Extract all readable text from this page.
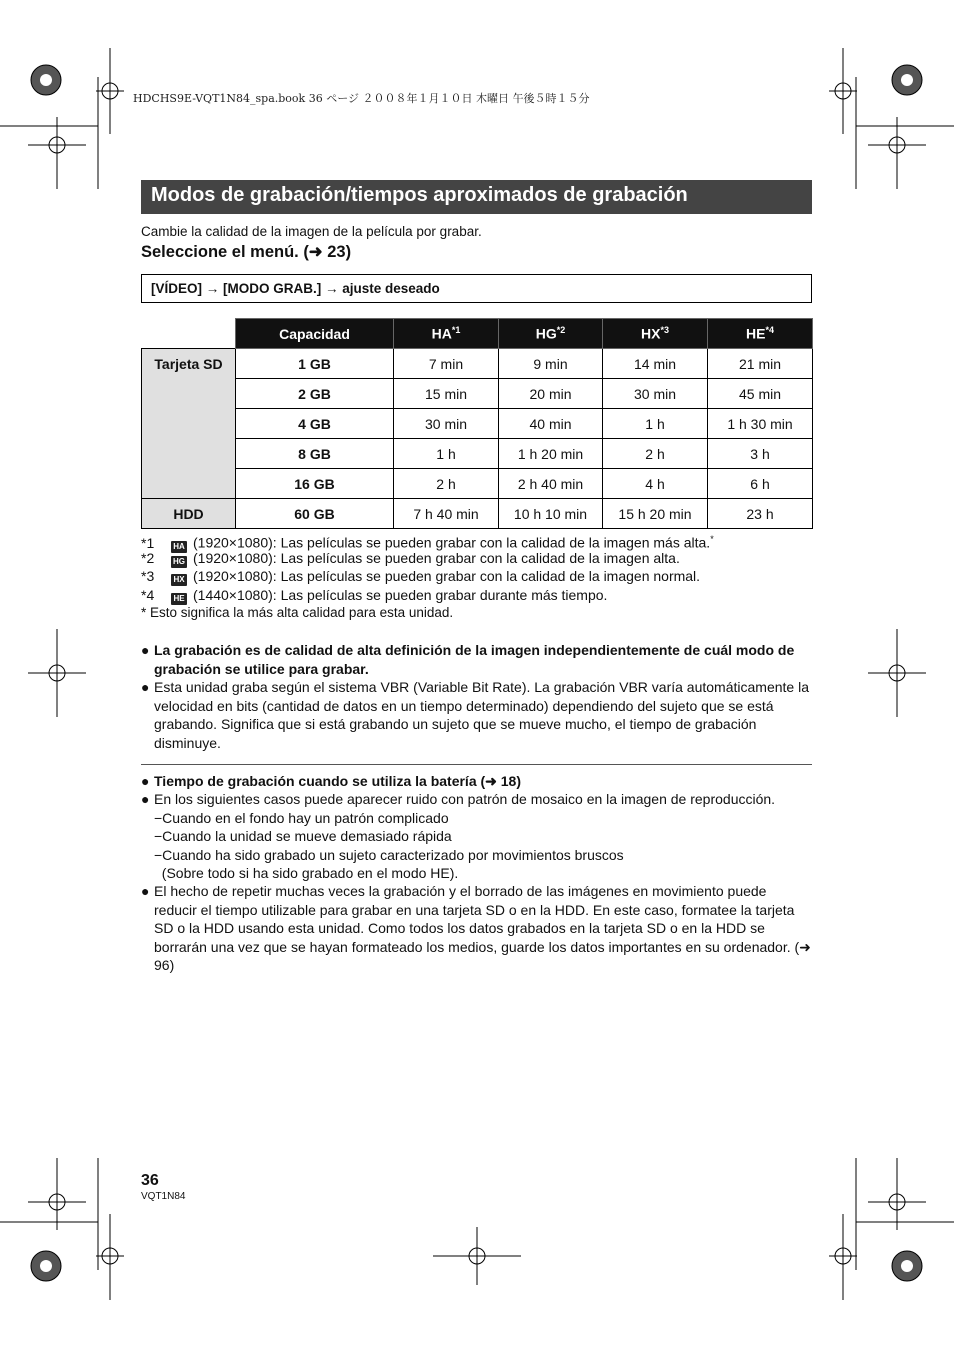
HDCHS9E-VQT1N84_spa.book 36 ページ ２００８年１月１０日 木曜日 午後５時１５分
Modos de grabación/tiempos aproximados de grabación
Cambie la calidad de la imagen de la película por grabar.
Seleccione el menú. (➜ 23)
[VÍDEO] → [MODO GRAB.] → ajuste deseado
	Capacidad	HA$^{*1}$	HG$^{*2}$	HX$^{*3}$	HE$^{*4}$
Tarjeta SD	1 GB	7 min	9 min	14 min	21 min
	2 GB	15 min	20 min	30 min	45 min
	4 GB	30 min	40 min	1 h	1 h 30 min
	8 GB	1 h	1 h 20 min	2 h	3 h
	16 GB	2 h	2 h 40 min	4 h	6 h
HDD	60 GB	7 h 40 min	10 h 10 min	15 h 20 min	23 h
*1 HA (1920×1080): Las películas se pueden grabar con la calidad de la imagen más alta.*
*2 HG (1920×1080): Las películas se pueden grabar con la calidad de la imagen alta.
*3 HX (1920×1080): Las películas se pueden grabar con la calidad de la imagen normal.
*4 HE (1440×1080): Las películas se pueden grabar durante más tiempo.
* Esto significa la más alta calidad para esta unidad.
● La grabación es de calidad de alta definición de la imagen independientemente de cuál modo de grabación se utilice para grabar.
● Esta unidad graba según el sistema VBR (Variable Bit Rate). La grabación VBR varía automáticamente la velocidad en bits (cantidad de datos en un tiempo determinado) dependiendo del sujeto que se está grabando. Significa que si está grabando un sujeto que se mueve mucho, el tiempo de grabación disminuye.
● Tiempo de grabación cuando se utiliza la batería (➜ 18)
● En los siguientes casos puede aparecer ruido con patrón de mosaico en la imagen de reproducción.
−Cuando en el fondo hay un patrón complicado
−Cuando la unidad se mueve demasiado rápida
−Cuando ha sido grabado un sujeto caracterizado por movimientos bruscos
(Sobre todo si ha sido grabado en el modo HE).
● El hecho de repetir muchas veces la grabación y el borrado de las imágenes en movimiento puede reducir el tiempo utilizable para grabar en una tarjeta SD o en la HDD. En este caso, formatee la tarjeta SD o la HDD usando esta unidad. Como todos los datos grabados en la tarjeta SD o en la HDD se borrarán una vez que se hayan formateado los medios, guarde los datos importantes en su ordenador. (➜ 96)
36
VQT1N84
